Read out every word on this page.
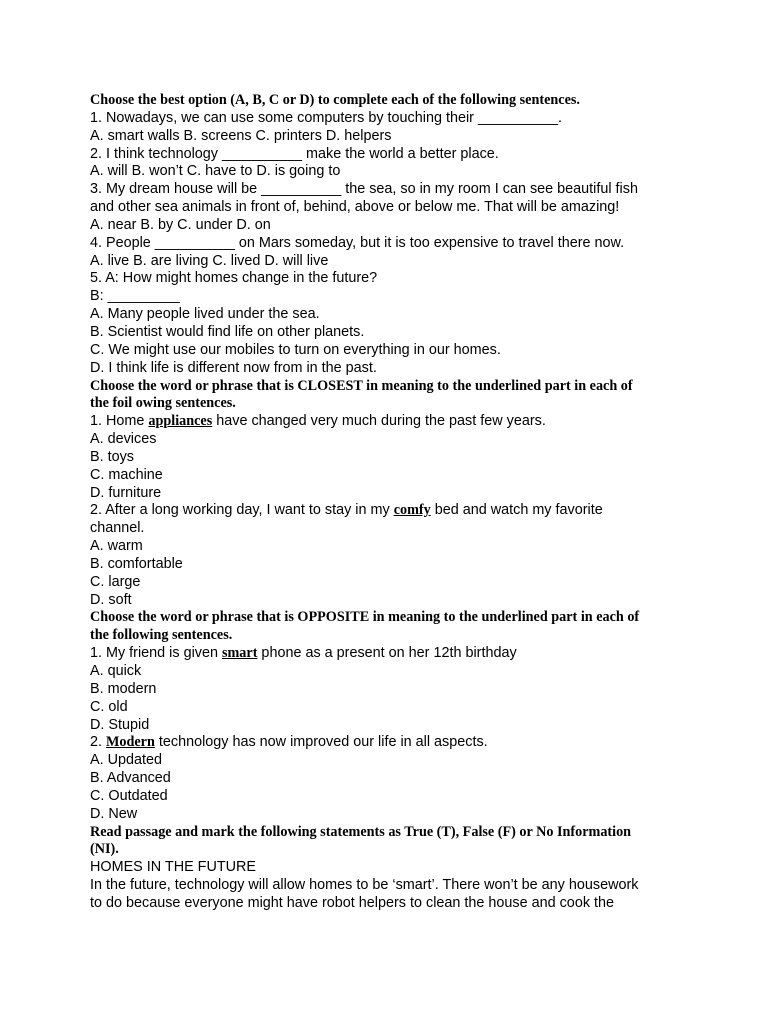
Choose the best option (A, B, C or D) to complete each of the following sentences.
1. Nowadays, we can use some computers by touching their __________.
A. smart walls B. screens C. printers D. helpers
2. I think technology __________ make the world a better place.
A. will B. won’t C. have to D. is going to
3. My dream house will be __________ the sea, so in my room I can see beautiful fish
and other sea animals in front of, behind, above or below me. That will be amazing!
A. near B. by C. under D. on
4. People __________ on Mars someday, but it is too expensive to travel there now.
A. live B. are living C. lived D. will live
5. A: How might homes change in the future?
B: _________
A. Many people lived under the sea.
B. Scientist would find life on other planets.
C. We might use our mobiles to turn on everything in our homes.
D. I think life is different now from in the past.
Choose the word or phrase that is CLOSEST in meaning to the underlined part in each of
the foil owing sentences.
1. Home appliances have changed very much during the past few years.
A. devices
B. toys
C. machine
D. furniture
2. After a long working day, I want to stay in my comfy bed and watch my favorite
channel.
A. warm
B. comfortable
C. large
D. soft
Choose the word or phrase that is OPPOSITE in meaning to the underlined part in each of
the following sentences.
1. My friend is given smart phone as a present on her 12th birthday
A. quick
B. modern
C. old
D. Stupid
2. Modern technology has now improved our life in all aspects.
A. Updated
B. Advanced
C. Outdated
D. New
Read passage and mark the following statements as True (T), False (F) or No Information
(NI).
HOMES IN THE FUTURE
In the future, technology will allow homes to be ‘smart’. There won’t be any housework
to do because everyone might have robot helpers to clean the house and cook the
